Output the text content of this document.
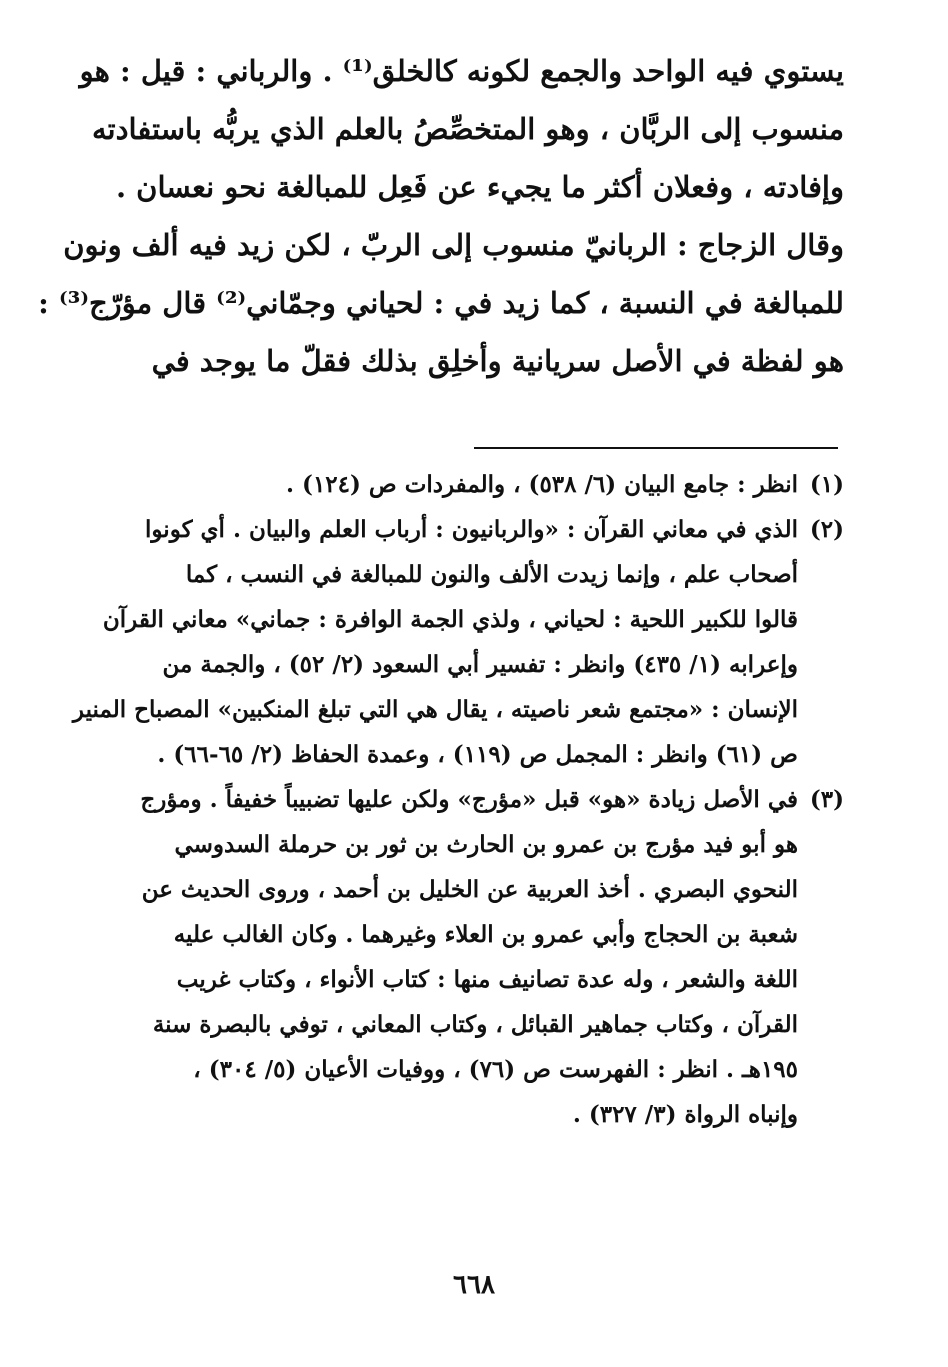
يستوي فيه الواحد والجمع لكونه كالخلق⁽¹⁾ . والرباني : قيل : هو
منسوب إلى الربَّان ، وهو المتخصِّصُ بالعلم الذي يربُّه باستفادته
وإفادته ، وفعلان أكثر ما يجيء عن فَعِل للمبالغة نحو نعسان .
وقال الزجاج : الربانيّ منسوب إلى الربّ ، لكن زيد فيه ألف ونون
للمبالغة في النسبة ، كما زيد في : لحياني وجمّاني⁽²⁾ قال مؤرّج⁽³⁾ :
هو لفظة في الأصل سريانية وأخلِق بذلك فقلّ ما يوجد في
(١)
انظر : جامع البيان (٦/ ٥٣٨) ، والمفردات ص (١٢٤) .
(٢)
الذي في معاني القرآن : «والربانيون : أرباب العلم والبيان . أي كونوا
أصحاب علم ، وإنما زيدت الألف والنون للمبالغة في النسب ، كما
قالوا للكبير اللحية : لحياني ، ولذي الجمة الوافرة : جماني» معاني القرآن
وإعرابه (١/ ٤٣٥) وانظر : تفسير أبي السعود (٢/ ٥٢) ، والجمة من
الإنسان : «مجتمع شعر ناصيته ، يقال هي التي تبلغ المنكبين» المصباح المنير
ص (٦١) وانظر : المجمل ص (١١٩) ، وعمدة الحفاظ (٢/ ٦٥-٦٦) .
(٣)
في الأصل زيادة «هو» قبل «مؤرج» ولكن عليها تضبيباً خفيفاً . ومؤرج
هو أبو فيد مؤرج بن عمرو بن الحارث بن ثور بن حرملة السدوسي
النحوي البصري . أخذ العربية عن الخليل بن أحمد ، وروى الحديث عن
شعبة بن الحجاج وأبي عمرو بن العلاء وغيرهما . وكان الغالب عليه
اللغة والشعر ، وله عدة تصانيف منها : كتاب الأنواء ، وكتاب غريب
القرآن ، وكتاب جماهير القبائل ، وكتاب المعاني ، توفي بالبصرة سنة
١٩٥هـ . انظر : الفهرست ص (٧٦) ، ووفيات الأعيان (٥/ ٣٠٤) ،
وإنباه الرواة (٣/ ٣٢٧) .
٦٦٨
